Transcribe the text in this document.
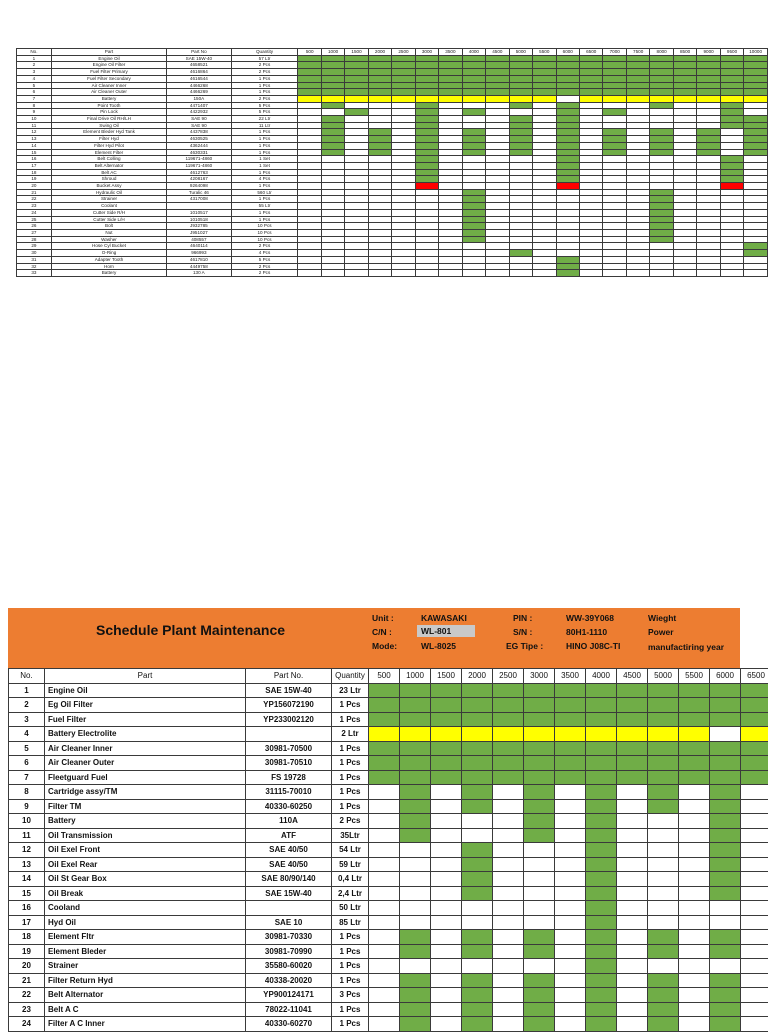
No.	Part	Part No	Quantity	500	1000	1500	2000	2500	3000	3500	4000	4500	5000	5500	6000	6500	7000	7500	8000	8500	9000	9500	10000
1	Engine Oil	SAE 15W-40	57 Ltr																				
2	Engine Oil Filter	4658521	2 Pcs																				
3	Fuel Filter Primary	4616864	2 Pcs																				
4	Fuel Filter Secondary	4616544	1 Pcs																				
5	Air Cleaner Inner	4466268	1 Pcs																				
6	Air Cleaner Outer	4466269	1 Pcs																				
7	Battery	150A	2 Pcs																				
8	Point Tooth	4471407	5 Pcs																				
9	Pin Lock	4422932	5 Pcs																				
10	Final Drive Oil RH/LH	SAE 90	22 Ltr																				
11	Swing Oil	SAE 90	11 Ltr																				
12	Element Bleder Hyd Tank	4437838	1 Pcs																				
13	Filter Hyd	4630525	1 Pcs																				
14	Filter Hyd Pilot	4362444	1 Pcs																				
15	Element Filter	4630331	1 Pcs																				
16	Belt Colling	119671-4860	1 Set																				
17	Belt Alternator	119671-4860	1 Set																				
18	Belt AC	4612763	1 Pcs																				
19	Shroud	4208167	4 Pcs																				
20	Bucket Assy	9264098	1 Pcs																				
21	Hydraulic Oil	Turalic 46	560 Ltr																				
22	Strainer	4317008	1 Pcs																				
23	Coolant		55 Ltr																				
24	Cutter Side R/H	1010517	1 Pcs																				
25	Cutter Side L/H	1010518	1 Pcs																				
26	Bolt	J932785	10 Pcs																				
27	Nut	J951027	10 Pcs																				
28	Washer	408557	10 Pcs																				
29	Hose Cyl Bucket	4640114	2 Pcs																				
30	O-Ring	966993	4 Pcs																				
31	Adapter Tooth	4617810	5 Pcs																				
32	Horn	4449758	2 Pcs																				
33	Battery	130 A	2 Pcs																				
Schedule Plant Maintenance
Unit :	KAWASAKI
C/N :	WL-801
Mode:	WL-8025
PIN :	WW-39Y068
S/N :	80H1-1110
EG Tipe :	HINO J08C-TI
Wieght
Power
manufactiring year
No.	Part	Part No.	Quantity	500	1000	1500	2000	2500	3000	3500	4000	4500	5000	5500	6000	6500
1	Engine Oil	SAE 15W-40	23 Ltr													
2	Eg Oil Filter	YP156072190	1 Pcs													
3	Fuel Filter	YP233002120	1 Pcs													
4	Battery Electrolite		2 Ltr													
5	Air Cleaner Inner	30981-70500	1 Pcs													
6	Air Cleaner Outer	30981-70510	1 Pcs													
7	Fleetguard Fuel	FS 19728	1 Pcs													
8	Cartridge assy/TM	31115-70010	1 Pcs													
9	Filter TM	40330-60250	1 Pcs													
10	Battery	110A	2 Pcs													
11	Oil Transmission	ATF	35Ltr													
12	Oil Exel Front	SAE 40/50	54 Ltr													
13	Oil Exel Rear	SAE 40/50	59 Ltr													
14	Oil St Gear Box	SAE 80/90/140	0,4 Ltr													
15	Oil Break	SAE 15W-40	2,4 Ltr													
16	Cooland		50 Ltr													
17	Hyd Oil	SAE 10	85 Ltr													
18	Element Fltr	30981-70330	1 Pcs													
19	Element Bleder	30981-70990	1 Pcs													
20	Strainer	35580-60020	1 Pcs													
21	Filter Return Hyd	40338-20020	1 Pcs													
22	Belt Alternator	YP900124171	3 Pcs													
23	Belt A C	78022-11041	1 Pcs													
24	Filter A C Inner	40330-60270	1 Pcs													
